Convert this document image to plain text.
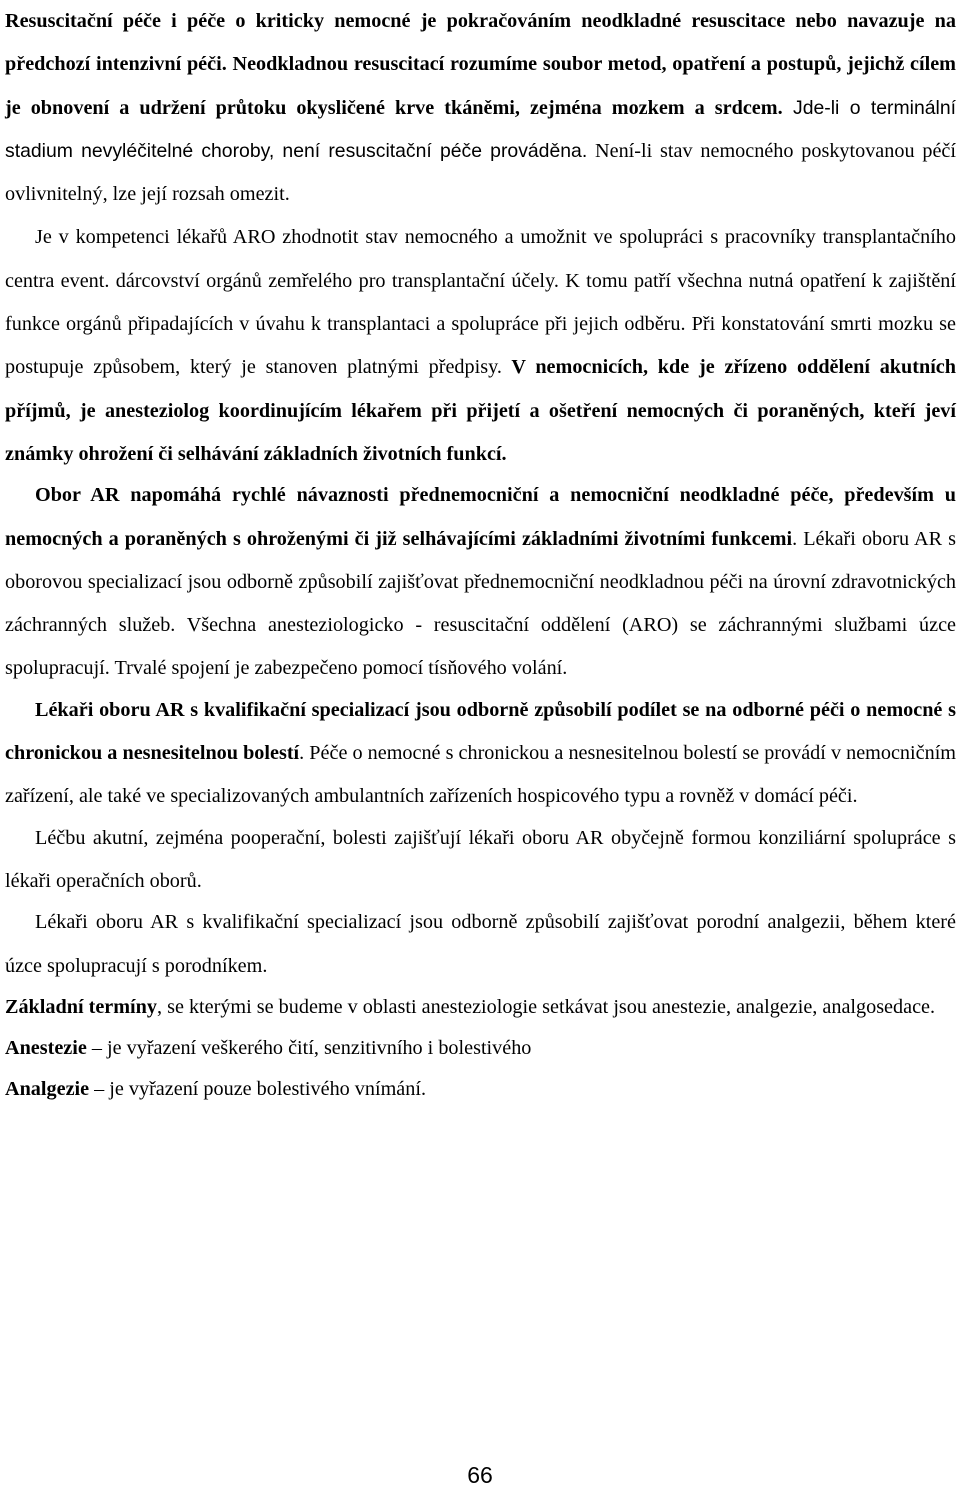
Resuscitační péče i péče o kriticky nemocné je pokračováním neodkladné resuscitace nebo navazuje na předchozí intenzivní péči. Neodkladnou resuscitací rozumíme soubor metod, opatření a postupů, jejichž cílem je obnovení a udržení průtoku okysličené krve tkáněmi, zejména mozkem a srdcem. Jde-li o terminální stadium nevyléčitelné choroby, není resuscitační péče prováděna. Není-li stav nemocného poskytovanou péčí ovlivnitelný, lze její rozsah omezit.

Je v kompetenci lékařů ARO zhodnotit stav nemocného a umožnit ve spolupráci s pracovníky transplantačního centra event. dárcovství orgánů zemřelého pro transplantační účely. K tomu patří všechna nutná opatření k zajištění funkce orgánů připadajících v úvahu k transplantaci a spolupráce při jejich odběru. Při konstatování smrti mozku se postupuje způsobem, který je stanoven platnými předpisy. V nemocnicích, kde je zřízeno oddělení akutních příjmů, je anesteziolog koordinujícím lékařem při přijetí a ošetření nemocných či poraněných, kteří jeví známky ohrožení či selhávání základních životních funkcí.

Obor AR napomáhá rychlé návaznosti přednemocniční a nemocniční neodkladné péče, především u nemocných a poraněných s ohroženými či již selhávajícími základními životními funkcemi. Lékaři oboru AR s oborovou specializací jsou odborně způsobilí zajišťovat přednemocniční neodkladnou péči na úrovní zdravotnických záchranných služeb. Všechna anesteziologicko - resuscitační oddělení (ARO) se záchrannými službami úzce spolupracují. Trvalé spojení je zabezpečeno pomocí tísňového volání.

Lékaři oboru AR s kvalifikační specializací jsou odborně způsobilí podílet se na odborné péči o nemocné s chronickou a nesnesitelnou bolestí. Péče o nemocné s chronickou a nesnesitelnou bolestí se provádí v nemocničním zařízení, ale také ve specializovaných ambulantních zařízeních hospicového typu a rovněž v domácí péči.

Léčbu akutní, zejména pooperační, bolesti zajišťují lékaři oboru AR obyčejně formou konziliární spolupráce s lékaři operačních oborů.

Lékaři oboru AR s kvalifikační specializací jsou odborně způsobilí zajišťovat porodní analgezii, během které úzce spolupracují s porodníkem.

Základní termíny, se kterými se budeme v oblasti anesteziologie setkávat jsou anestezie, analgezie, analgosedace.

Anestezie – je vyřazení veškerého čití, senzitivního i bolestivého

Analgezie – je vyřazení pouze bolestivého vnímání.

66
